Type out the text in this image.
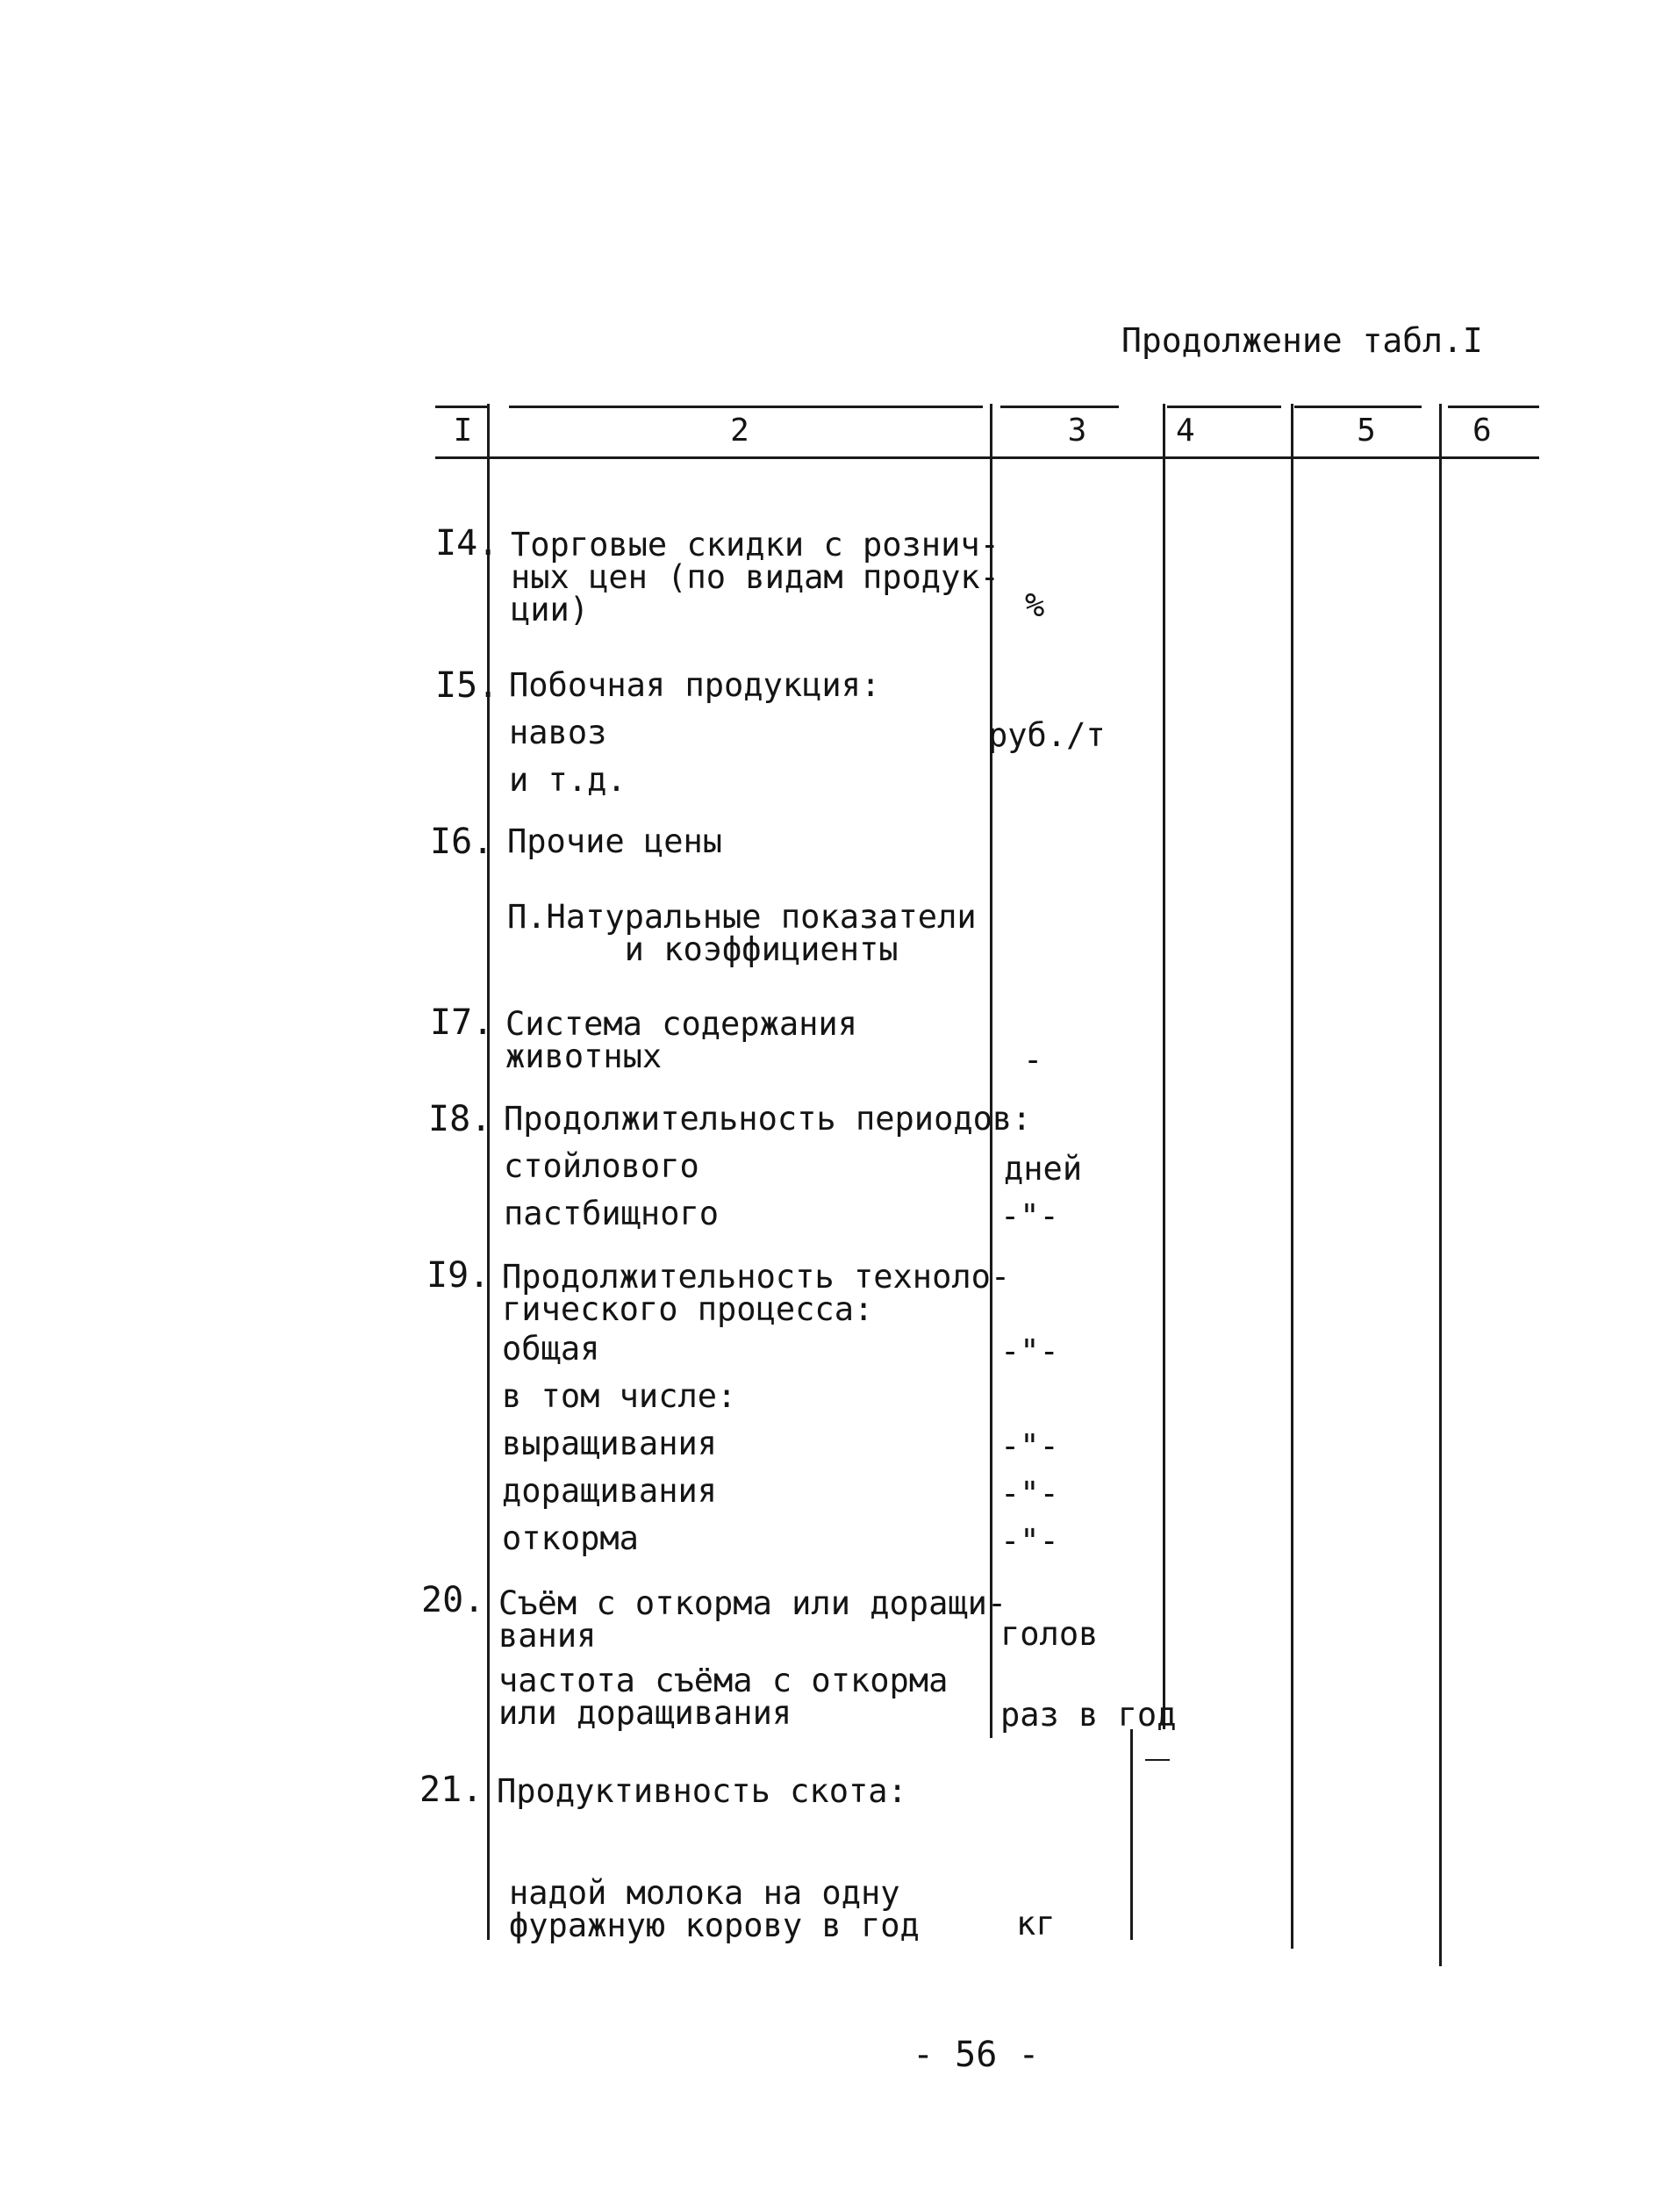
Продолжение табл.I
I	2	3	4	5	6
I4. Торговые скидки с рознич-
ных цен (по видам продук-
ции)	%
I5. Побочная продукция:
навоз	руб./т
и т.д.
I6. Прочие цены
П.Натуральные показатели
и коэффициенты
I7. Система содержания
животных	-
I8. Продолжительность периодов:
стойлового	дней
пастбищного	-"-
I9. Продолжительность техноло-
гического процесса:
общая	-"-
в том числе:
выращивания	-"-
доращивания	-"-
откорма	-"-
20. Съём с откорма или доращи-
вания	голов
частота съёма с откорма
или доращивания	раз в год
21. Продуктивность скота:
надой молока на одну
фуражную корову в год	кг
- 56 -
